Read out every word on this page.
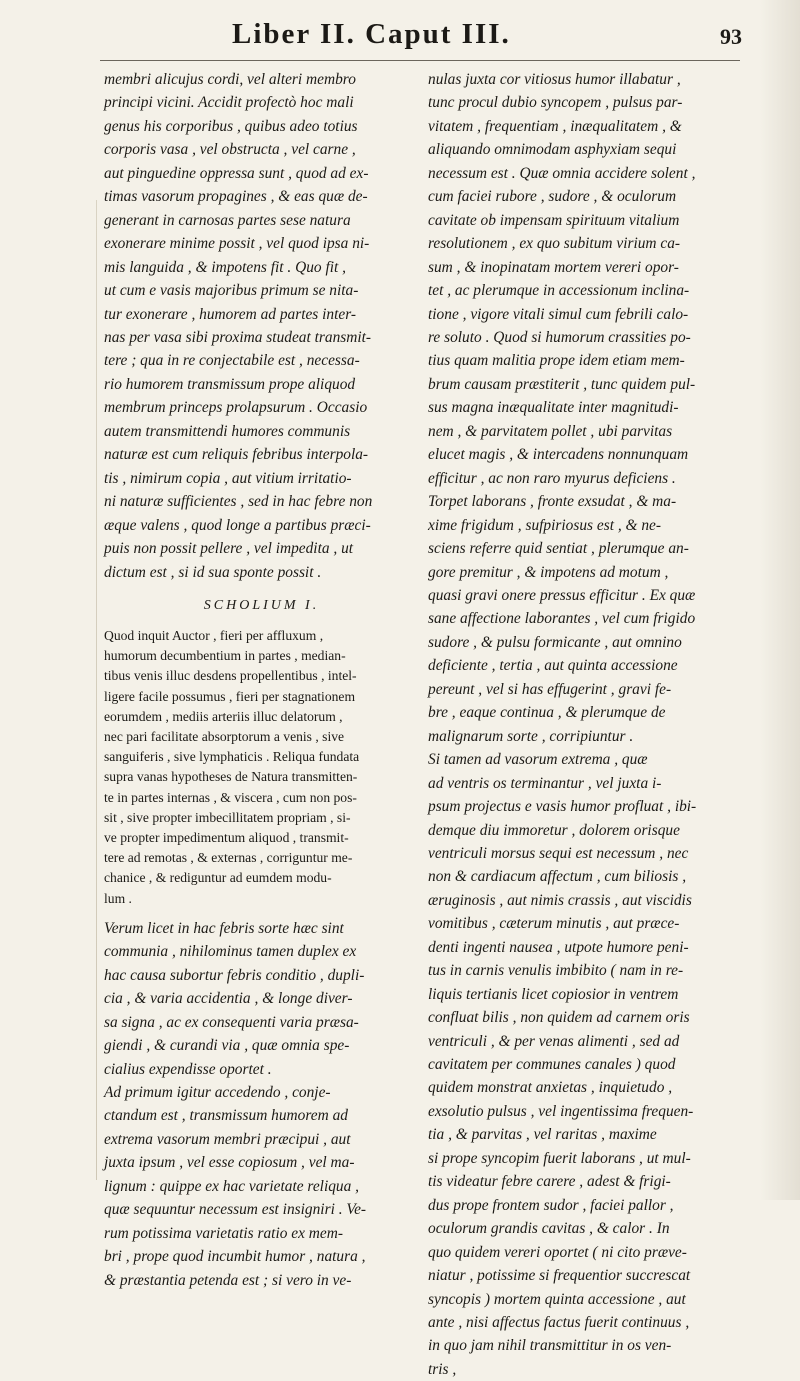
Liber II. Caput III.	93
membri alicujus cordi, vel alteri membro
principi vicini. Accidit profectò hoc mali
genus his corporibus , quibus adeo totius
corporis vasa , vel obstructa , vel carne ,
aut pinguedine oppressa sunt , quod ad ex-
timas vasorum propagines , & eas quæ de-
generant in carnosas partes sese natura
exonerare minime possit , vel quod ipsa ni-
mis languida , & impotens fit . Quo fit ,
ut cum e vasis majoribus primum se nita-
tur exonerare , humorem ad partes inter-
nas per vasa sibi proxima studeat transmit-
tere ; qua in re conjectabile est , necessa-
rio humorem transmissum prope aliquod
membrum princeps prolapsurum . Occasio
autem transmittendi humores communis
naturæ est cum reliquis febribus interpola-
tis , nimirum copia , aut vitium irritatio-
ni naturæ sufficientes , sed in hac febre non
æque valens , quod longe a partibus præci-
puis non possit pellere , vel impedita , ut
dictum est , si id sua sponte possit .
SCHOLIUM I.
Quod inquit Auctor , fieri per affluxum ,
humorum decumbentium in partes , median-
tibus venis illuc desdens propellentibus , intel-
ligere facile possumus , fieri per stagnationem
eorumdem , mediis arteriis illuc delatorum ,
nec pari facilitate absorptorum a venis , sive
sanguiferis , sive lymphaticis . Reliqua fundata
supra vanas hypotheses de Natura transmitten-
te in partes internas , & viscera , cum non pos-
sit , sive propter imbecillitatem propriam , si-
ve propter impedimentum aliquod , transmit-
tere ad remotas , & externas , corriguntur me-
chanice , & rediguntur ad eumdem modu-
lum .
Verum licet in hac febris sorte hæc sint
communia , nihilominus tamen duplex ex
hac causa subortur febris conditio , dupli-
cia , & varia accidentia , & longe diver-
sa signa , ac ex consequenti varia præsa-
giendi , & curandi via , quæ omnia spe-
cialius expendisse oportet .
Ad primum igitur accedendo , conje-
ctandum est , transmissum humorem ad
extrema vasorum membri præcipui , aut
juxta ipsum , vel esse copiosum , vel ma-
lignum : quippe ex hac varietate reliqua ,
quæ sequuntur necessum est insigniri . Ve-
rum potissima varietatis ratio ex mem-
bri , prope quod incumbit humor , natura ,
& præstantia petenda est ; si vero in ve-
nulas juxta cor vitiosus humor illabatur ,
tunc procul dubio syncopem , pulsus par-
vitatem , frequentiam , inæqualitatem , &
aliquando omnimodam asphyxiam sequi
necessum est . Quæ omnia accidere solent ,
cum faciei rubore , sudore , & oculorum
cavitate ob impensam spirituum vitalium
resolutionem , ex quo subitum virium ca-
sum , & inopinatam mortem vereri opor-
tet , ac plerumque in accessionum inclina-
tione , vigore vitali simul cum febrili calo-
re soluto . Quod si humorum crassities po-
tius quam malitia prope idem etiam mem-
brum causam præstiterit , tunc quidem pul-
sus magna inæqualitate inter magnitudi-
nem , & parvitatem pollet , ubi parvitas
elucet magis , & intercadens nonnunquam
efficitur , ac non raro myurus deficiens .
Torpet laborans , fronte exsudat , & ma-
xime frigidum , sufpiriosus est , & ne-
sciens referre quid sentiat , plerumque an-
gore premitur , & impotens ad motum ,
quasi gravi onere pressus efficitur . Ex quæ
sane affectione laborantes , vel cum frigido
sudore , & pulsu formicante , aut omnino
deficiente , tertia , aut quinta accessione
pereunt , vel si has effugerint , gravi fe-
bre , eaque continua , & plerumque de
malignarum sorte , corripiuntur .
Si tamen ad vasorum extrema , quæ
ad ventris os terminantur , vel juxta i-
psum projectus e vasis humor profluat , ibi-
demque diu immoretur , dolorem orisque
ventriculi morsus sequi est necessum , nec
non & cardiacum affectum , cum biliosis ,
æruginosis , aut nimis crassis , aut viscidis
vomitibus , cæterum minutis , aut præce-
denti ingenti nausea , utpote humore peni-
tus in carnis venulis imbibito ( nam in re-
liquis tertianis licet copiosior in ventrem
confluat bilis , non quidem ad carnem oris
ventriculi , & per venas alimenti , sed ad
cavitatem per communes canales ) quod
quidem monstrat anxietas , inquietudo ,
exsolutio pulsus , vel ingentissima frequen-
tia , & parvitas , vel raritas , maxime
si prope syncopim fuerit laborans , ut mul-
tis videatur febre carere , adest & frigi-
dus prope frontem sudor , faciei pallor ,
oculorum grandis cavitas , & calor . In
quo quidem vereri oportet ( ni cito præve-
niatur , potissime si frequentior succrescat
syncopis ) mortem quinta accessione , aut
ante , nisi affectus factus fuerit continuus ,
in quo jam nihil transmittitur in os ven-
tris ,
